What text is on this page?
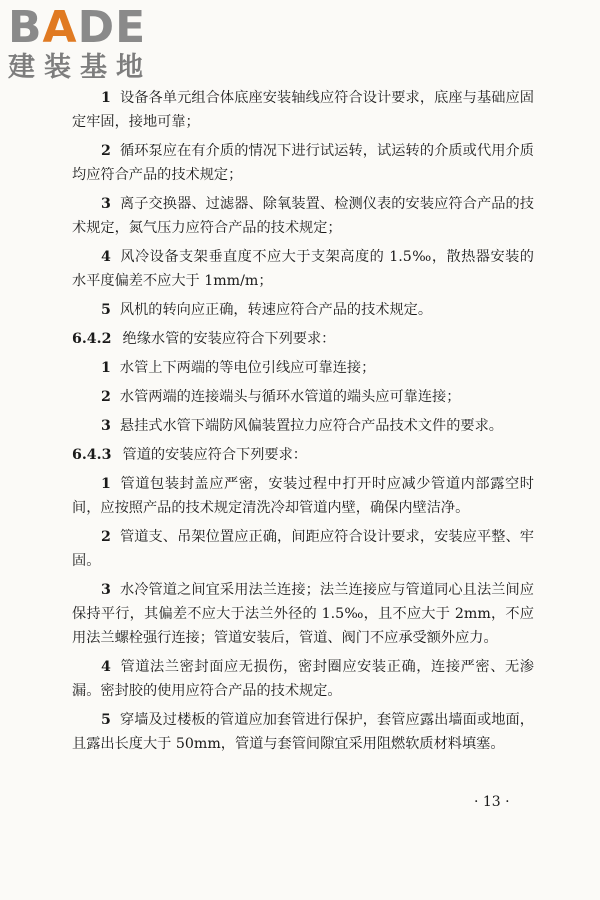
BADE
建装基地

1 设备各单元组合体底座安装轴线应符合设计要求，底座与基础应固定牢固，接地可靠；

2 循环泵应在有介质的情况下进行试运转，试运转的介质或代用介质均应符合产品的技术规定；

3 离子交换器、过滤器、除氧装置、检测仪表的安装应符合产品的技术规定，氮气压力应符合产品的技术规定；

4 风冷设备支架垂直度不应大于支架高度的 1.5‰，散热器安装的水平度偏差不应大于 1mm/m；

5 风机的转向应正确，转速应符合产品的技术规定。

6.4.2 绝缘水管的安装应符合下列要求：

1 水管上下两端的等电位引线应可靠连接；

2 水管两端的连接端头与循环水管道的端头应可靠连接；

3 悬挂式水管下端防风偏装置拉力应符合产品技术文件的要求。

6.4.3 管道的安装应符合下列要求：

1 管道包装封盖应严密，安装过程中打开时应减少管道内部露空时间，应按照产品的技术规定清洗冷却管道内壁，确保内壁洁净。

2 管道支、吊架位置应正确，间距应符合设计要求，安装应平整、牢固。

3 水冷管道之间宜采用法兰连接；法兰连接应与管道同心且法兰间应保持平行，其偏差不应大于法兰外径的 1.5‰，且不应大于 2mm，不应用法兰螺栓强行连接；管道安装后，管道、阀门不应承受额外应力。

4 管道法兰密封面应无损伤，密封圈应安装正确，连接严密、无渗漏。密封胶的使用应符合产品的技术规定。

5 穿墙及过楼板的管道应加套管进行保护，套管应露出墙面或地面，且露出长度大于 50mm，管道与套管间隙宜采用阻燃软质材料填塞。

· 13 ·
